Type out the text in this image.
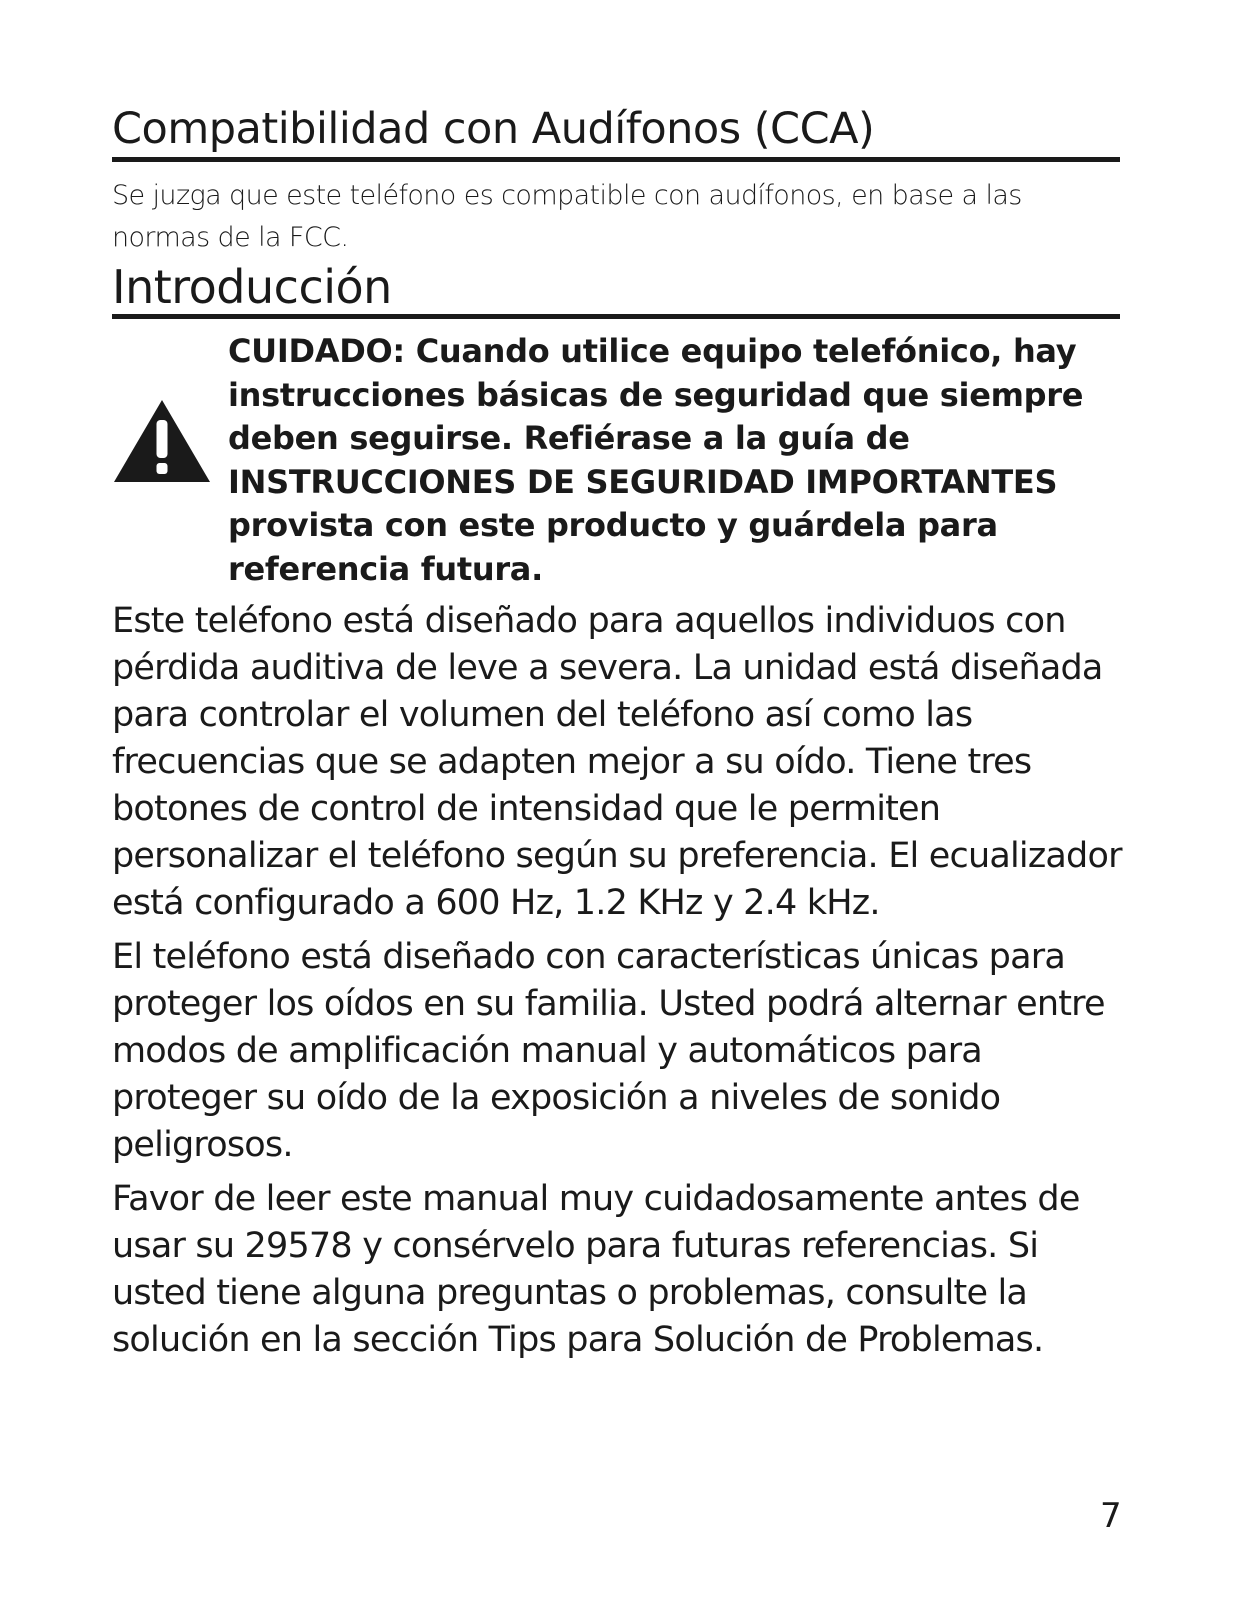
Compatibilidad con Audífonos (CCA)

Se juzga que este teléfono es compatible con audífonos, en base a las normas de la FCC.

Introducción

CUIDADO: Cuando utilice equipo telefónico, hay instrucciones básicas de seguridad que siempre deben seguirse. Refiérase a la guía de INSTRUCCIONES DE SEGURIDAD IMPORTANTES provista con este producto y guárdela para referencia futura.

Este teléfono está diseñado para aquellos individuos con pérdida auditiva de leve a severa. La unidad está diseñada para controlar el volumen del teléfono así como las frecuencias que se adapten mejor a su oído. Tiene tres botones de control de intensidad que le permiten personalizar el teléfono según su preferencia. El ecualizador está configurado a 600 Hz, 1.2 KHz y 2.4 kHz.

El teléfono está diseñado con características únicas para proteger los oídos en su familia. Usted podrá alternar entre modos de amplificación manual y automáticos para proteger su oído de la exposición a niveles de sonido peligrosos.

Favor de leer este manual muy cuidadosamente antes de usar su 29578 y consérvelo para futuras referencias. Si usted tiene alguna preguntas o problemas, consulte la solución en la sección Tips para Solución de Problemas.

7
